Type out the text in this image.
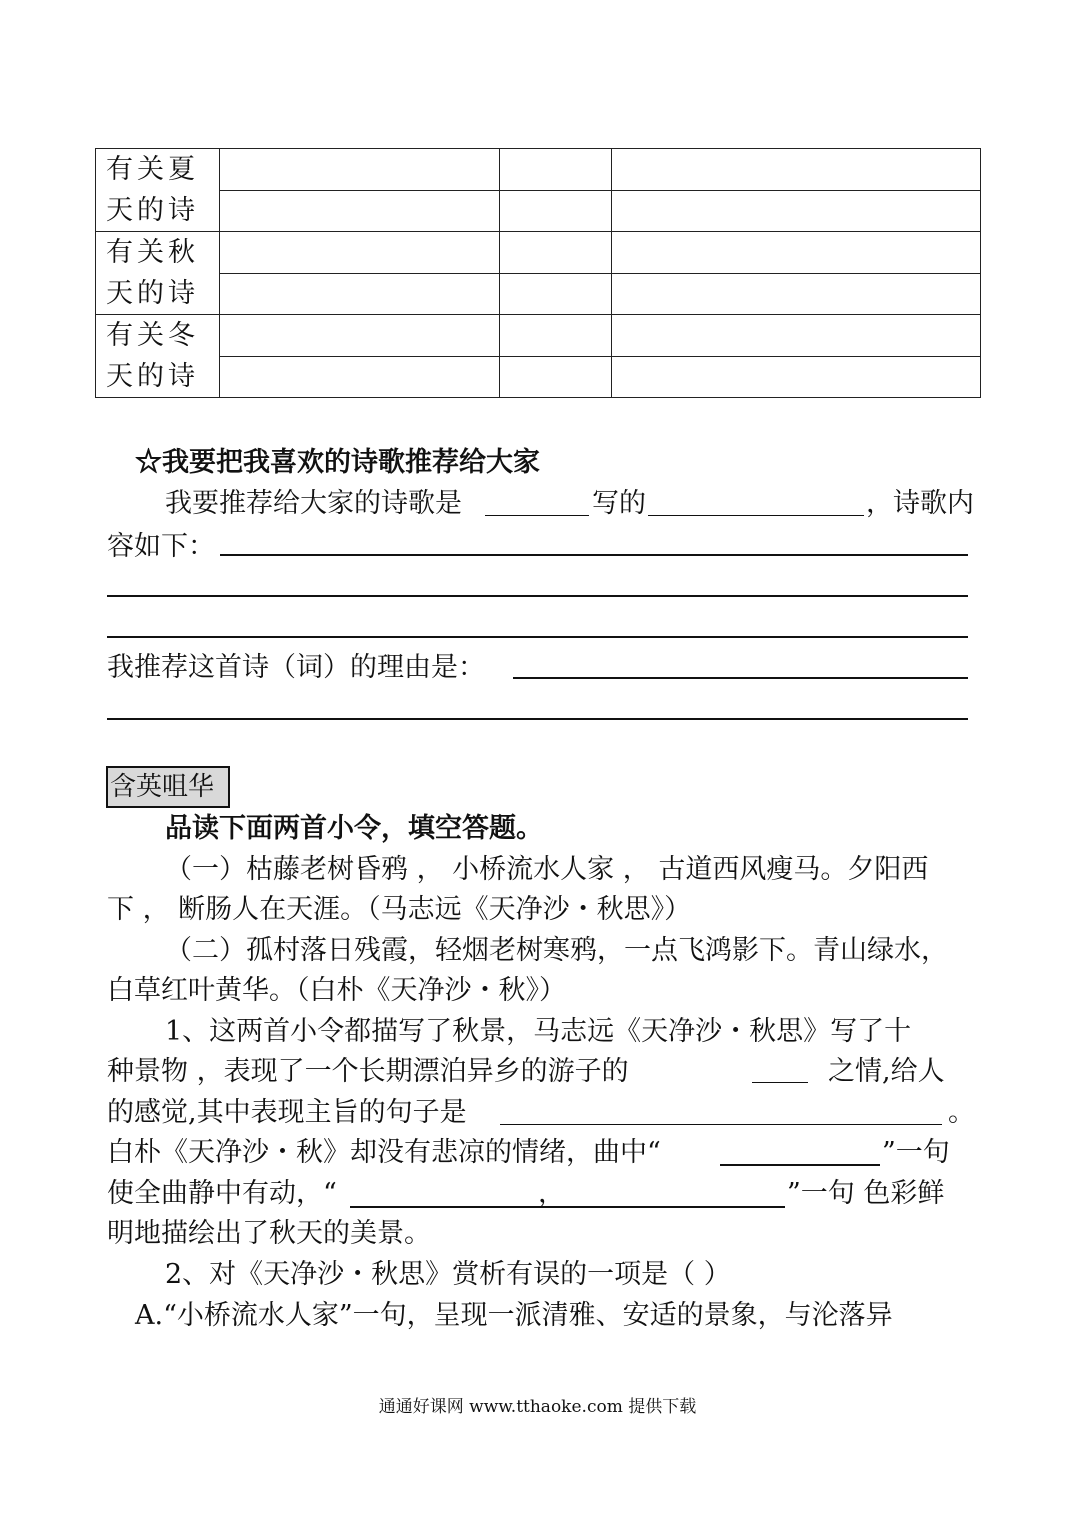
有关夏
天的诗			

有关秋
天的诗			

有关冬
天的诗			

☆我要把我喜欢的诗歌推荐给大家
我要推荐给大家的诗歌是	写的	，诗歌内
容如下：
我推荐这首诗（词）的理由是：
含英咀华
品读下面两首小令，填空答题。
（一）枯藤老树昏鸦 ， 小桥流水人家 ， 古道西风瘦马。夕阳西
下 ， 断肠人在天涯。（马志远《天净沙・秋思》）
（二）孤村落日残霞，轻烟老树寒鸦，一点飞鸿影下。青山绿水，
白草红叶黄华。（白朴《天净沙・秋》）
1、这两首小令都描写了秋景，马志远《天净沙・秋思》写了十
种景物 ，表现了一个长期漂泊异乡的游子的	之情,给人
的感觉,其中表现主旨的句子是	。
白朴《天净沙・秋》却没有悲凉的情绪，曲中“	”一句
使全曲静中有动，“	，	”一句 色彩鲜
明地描绘出了秋天的美景。
2、对《天净沙・秋思》赏析有误的一项是（ ）
A.“小桥流水人家”一句，呈现一派清雅、安适的景象，与沦落异
通通好课网 www.tthaoke.com 提供下载
